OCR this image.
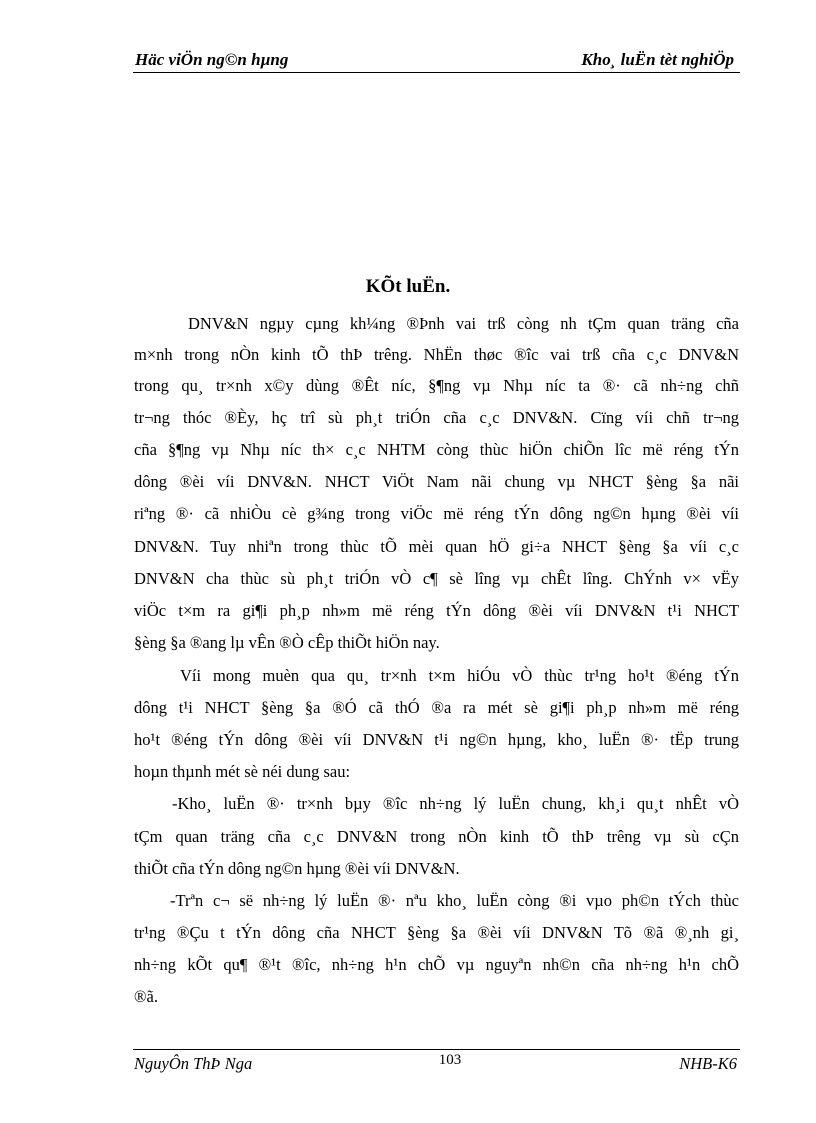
Häc viÖn ng©n hµng	Kho¸ luËn tèt nghiÖp
KÕt luËn.
DNV&N ngµy cµng kh¼ng ®Þnh vai trß còng nh tÇm quan träng cña
m×nh trong nÒn kinh tÕ thÞ trêng. NhËn thøc ®îc vai trß cña c¸c DNV&N
trong qu¸ tr×nh x©y dùng ®Êt níc, §¶ng vµ Nhµ níc ta ®· cã nh÷ng chñ
tr¬ng thóc ®Èy, hç trî sù ph¸t triÓn cña c¸c DNV&N. Cïng víi chñ tr¬ng
cña §¶ng vµ Nhµ níc th× c¸c NHTM còng thùc hiÖn chiÕn lîc më réng tÝn
dông ®èi víi DNV&N. NHCT ViÖt Nam nãi chung vµ NHCT §èng §a nãi
riªng ®· cã nhiÒu cè g¾ng trong viÖc më réng tÝn dông ng©n hµng ®èi víi
DNV&N. Tuy nhiªn trong thùc tÕ mèi quan hÖ gi÷a NHCT §èng §a víi c¸c
DNV&N cha thùc sù ph¸t triÓn vÒ c¶ sè lîng vµ chÊt lîng. ChÝnh v× vËy
viÖc t×m ra gi¶i ph¸p nh»m më réng tÝn dông ®èi víi DNV&N t¹i NHCT
§èng §a ®ang lµ vÊn ®Ò cÊp thiÕt hiÖn nay.
Víi mong muèn qua qu¸ tr×nh t×m hiÓu vÒ thùc tr¹ng ho¹t ®éng tÝn
dông t¹i NHCT §èng §a ®Ó cã thÓ ®a ra mét sè gi¶i ph¸p nh»m më réng
ho¹t ®éng tÝn dông ®èi víi DNV&N t¹i ng©n hµng, kho¸ luËn ®· tËp trung
hoµn thµnh mét sè néi dung sau:
-Kho¸ luËn ®· tr×nh bµy ®îc nh÷ng lý luËn chung, kh¸i qu¸t nhÊt vÒ
tÇm quan träng cña c¸c DNV&N trong nÒn kinh tÕ thÞ trêng vµ sù cÇn
thiÕt cña tÝn dông ng©n hµng ®èi víi DNV&N.
-Trªn c¬ së nh÷ng lý luËn ®· nªu kho¸ luËn còng ®i vµo ph©n tÝch thùc
tr¹ng ®Çu t tÝn dông cña NHCT §èng §a ®èi víi DNV&N Tõ ®ã ®¸nh gi¸
nh÷ng kÕt qu¶ ®¹t ®îc, nh÷ng h¹n chÕ vµ nguyªn nh©n cña nh÷ng h¹n chÕ
®ã.
NguyÔn ThÞ Nga	103	NHB-K6
